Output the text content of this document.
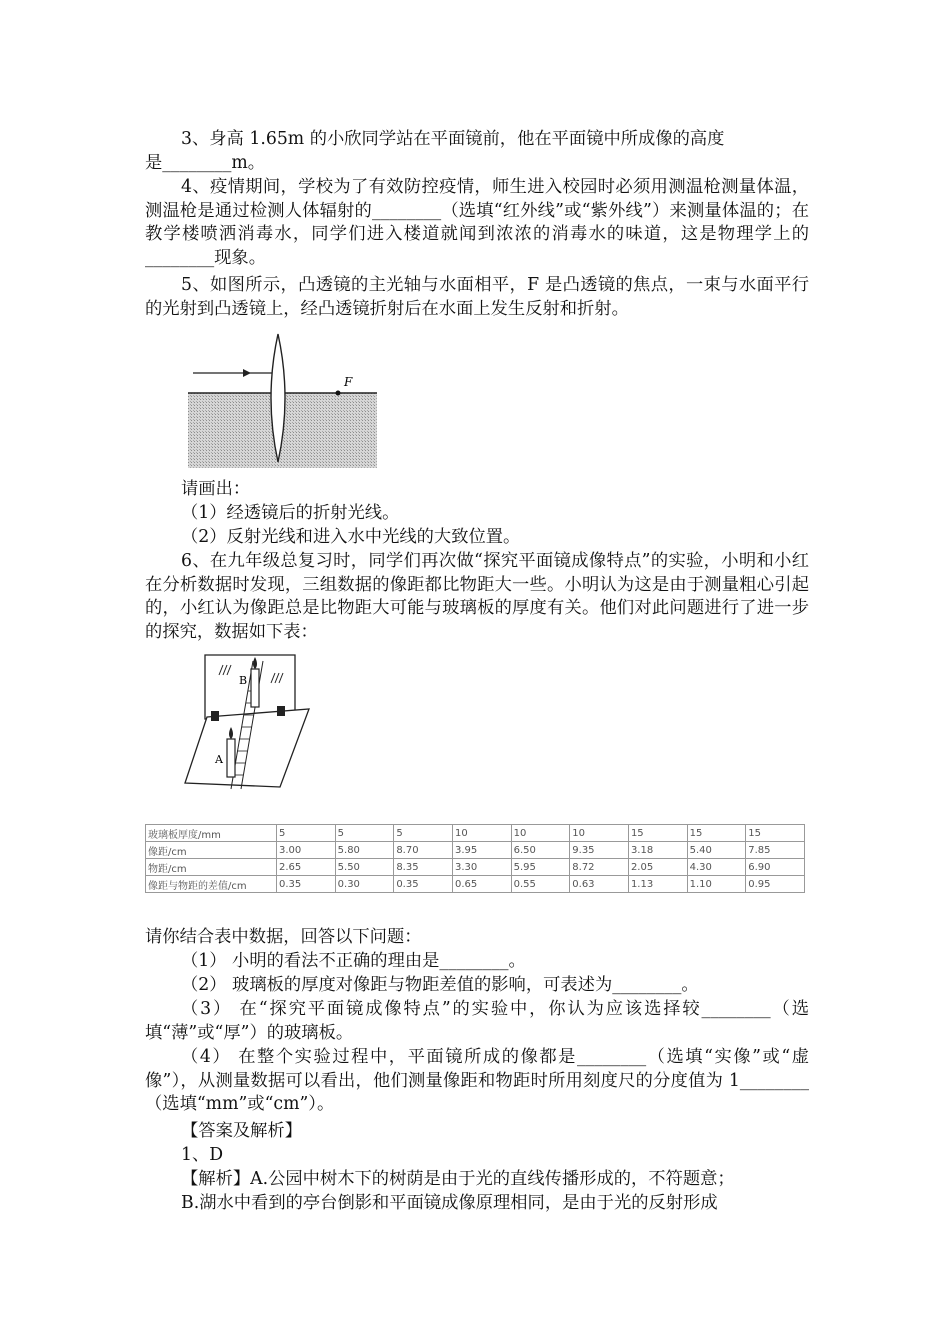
3、身高 1.65m 的小欣同学站在平面镜前，他在平面镜中所成像的高度

是________m。

4、疫情期间，学校为了有效防控疫情，师生进入校园时必须用测温枪测量体温，测温枪是通过检测人体辐射的________（选填“红外线”或“紫外线”）来测量体温的；在教学楼喷洒消毒水，同学们进入楼道就闻到浓浓的消毒水的味道，这是物理学上的________现象。

5、如图所示，凸透镜的主光轴与水面相平，F 是凸透镜的焦点，一束与水面平行的光射到凸透镜上，经凸透镜折射后在水面上发生反射和折射。

F

请画出：

（1）经透镜后的折射光线。

（2）反射光线和进入水中光线的大致位置。

6、在九年级总复习时，同学们再次做“探究平面镜成像特点”的实验，小明和小红在分析数据时发现，三组数据的像距都比物距大一些。小明认为这是由于测量粗心引起的，小红认为像距总是比物距大可能与玻璃板的厚度有关。他们对此问题进行了进一步的探究，数据如下表：

B
A
玻璃板厚度/mm	5	5	5	10	10	10	15	15	15
像距/cm	3.00	5.80	8.70	3.95	6.50	9.35	3.18	5.40	7.85
物距/cm	2.65	5.50	8.35	3.30	5.95	8.72	2.05	4.30	6.90
像距与物距的差值/cm	0.35	0.30	0.35	0.65	0.55	0.63	1.13	1.10	0.95

请你结合表中数据，回答以下问题：

（1） 小明的看法不正确的理由是________。

（2） 玻璃板的厚度对像距与物距差值的影响，可表述为________。

（3） 在“探究平面镜成像特点”的实验中，你认为应该选择较________（选填“薄”或“厚”）的玻璃板。

（4） 在整个实验过程中，平面镜所成的像都是________（选填“实像”或“虚像”），从测量数据可以看出，他们测量像距和物距时所用刻度尺的分度值为 1________（选填“mm”或“cm”）。

【答案及解析】

1、D

【解析】A.公园中树木下的树荫是由于光的直线传播形成的，不符题意；

B.湖水中看到的亭台倒影和平面镜成像原理相同，是由于光的反射形成
